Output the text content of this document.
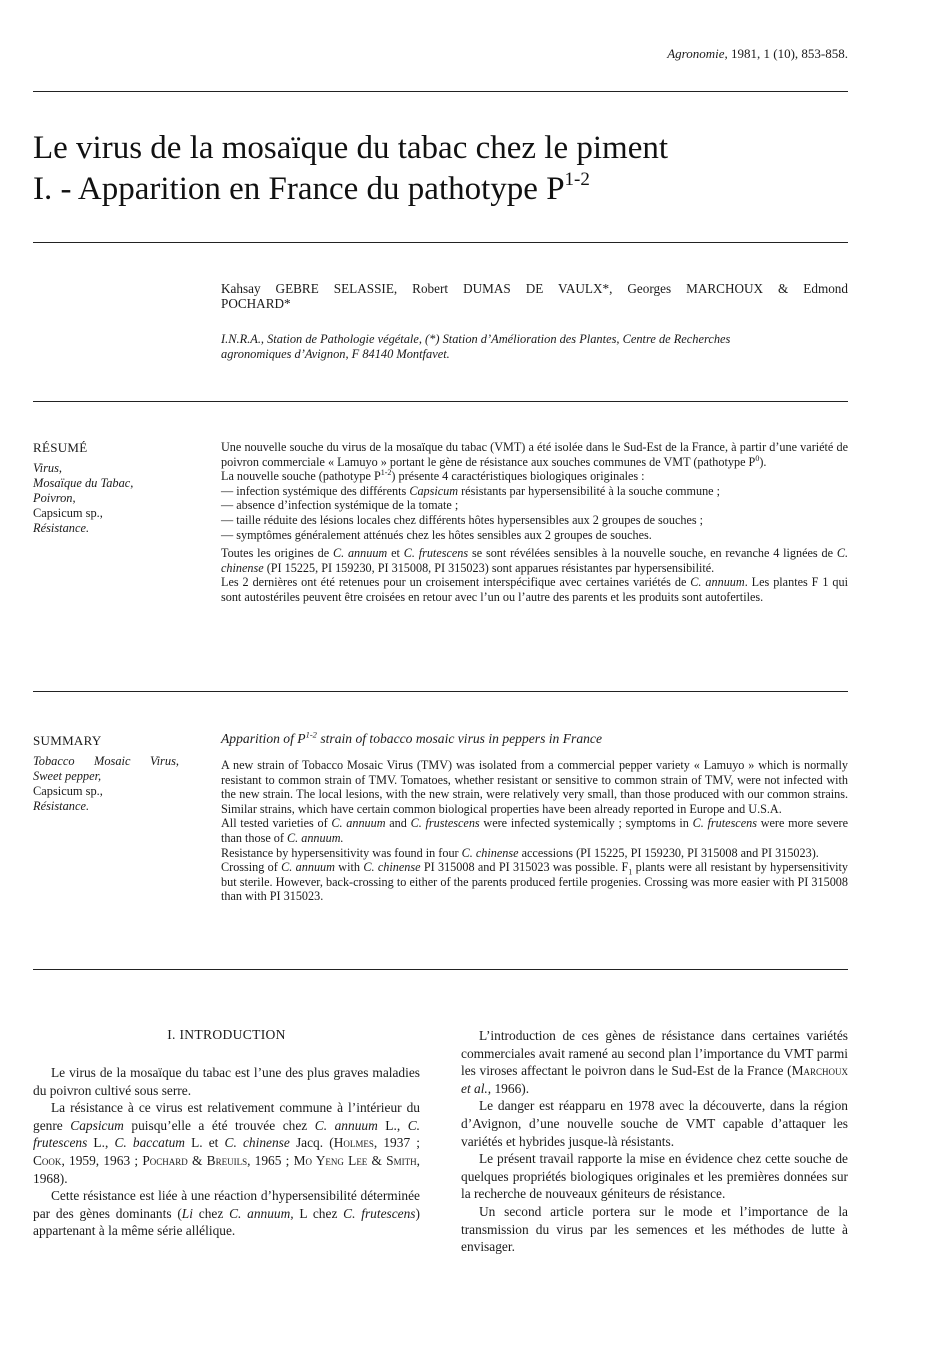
Agronomie, 1981, 1 (10), 853-858.
Le virus de la mosaïque du tabac chez le piment
I. - Apparition en France du pathotype $P^{1-2}$
Kahsay GEBRE SELASSIE, Robert DUMAS DE VAULX*, Georges MARCHOUX & Edmond
POCHARD*
I.N.R.A., Station de Pathologie végétale, (*) Station d’Amélioration des Plantes, Centre de Recherches
agronomiques d’Avignon, F 84140 Montfavet.
RÉSUMÉ
Virus,
Mosaïque du Tabac,
Poivron,
Capsicum sp.,
Résistance.

Une nouvelle souche du virus de la mosaïque du tabac (VMT) a été isolée dans le Sud-Est de la France, à partir d’une variété de poivron commerciale « Lamuyo » portant le gène de résistance aux souches communes de VMT (pathotype $P^0$).

La nouvelle souche (pathotype $P^{1-2}$) présente 4 caractéristiques biologiques originales :

— infection systémique des différents Capsicum résistants par hypersensibilité à la souche commune ;

— absence d’infection systémique de la tomate ;

— taille réduite des lésions locales chez différents hôtes hypersensibles aux 2 groupes de souches ;

— symptômes généralement atténués chez les hôtes sensibles aux 2 groupes de souches.

Toutes les origines de C. annuum et C. frutescens se sont révélées sensibles à la nouvelle souche, en revanche 4 lignées de C. chinense (PI 15225, PI 159230, PI 315008, PI 315023) sont apparues résistantes par hypersensibilité.

Les 2 dernières ont été retenues pour un croisement interspécifique avec certaines variétés de C. annuum. Les plantes F 1 qui sont autostériles peuvent être croisées en retour avec l’un ou l’autre des parents et les produits sont autofertiles.

SUMMARY
Tobacco Mosaic Virus,
Sweet pepper,
Capsicum sp.,
Résistance.
Apparition of $P^{1-2}$ strain of tobacco mosaic virus in peppers in France

A new strain of Tobacco Mosaic Virus (TMV) was isolated from a commercial pepper variety « Lamuyo » which is normally resistant to common strain of TMV. Tomatoes, whether resistant or sensitive to common strain of TMV, were not infected with the new strain. The local lesions, with the new strain, were relatively very small, than those produced with our common strains. Similar strains, which have certain common biological properties have been already reported in Europe and U.S.A.

All tested varieties of C. annuum and C. frustescens were infected systemically ; symptoms in C. frutescens were more severe than those of C. annuum.

Resistance by hypersensitivity was found in four C. chinense accessions (PI 15225, PI 159230, PI 315008 and PI 315023).

Crossing of C. annuum with C. chinense PI 315008 and PI 315023 was possible. $F_1$ plants were all resistant by hypersensitivity but sterile. However, back-crossing to either of the parents produced fertile progenies. Crossing was more easier with PI 315008 than with PI 315023.

I. INTRODUCTION

Le virus de la mosaïque du tabac est l’une des plus graves maladies du poivron cultivé sous serre.

La résistance à ce virus est relativement commune à l’intérieur du genre Capsicum puisqu’elle a été trouvée chez C. annuum L., C. frutescens L., C. baccatum L. et C. chinense Jacq. (Holmes, 1937 ; Cook, 1959, 1963 ; Pochard & Breuils, 1965 ; Mo Yeng Lee & Smith, 1968).

Cette résistance est liée à une réaction d’hypersensibilité déterminée par des gènes dominants (Li chez C. annuum, L chez C. frutescens) appartenant à la même série allélique.

L’introduction de ces gènes de résistance dans certaines variétés commerciales avait ramené au second plan l’importance du VMT parmi les viroses affectant le poivron dans le Sud-Est de la France (Marchoux et al., 1966).

Le danger est réapparu en 1978 avec la découverte, dans la région d’Avignon, d’une nouvelle souche de VMT capable d’attaquer les variétés et hybrides jusque-là résistants.

Le présent travail rapporte la mise en évidence chez cette souche de quelques propriétés biologiques originales et les premières données sur la recherche de nouveaux géniteurs de résistance.

Un second article portera sur le mode et l’importance de la transmission du virus par les semences et les méthodes de lutte à envisager.
